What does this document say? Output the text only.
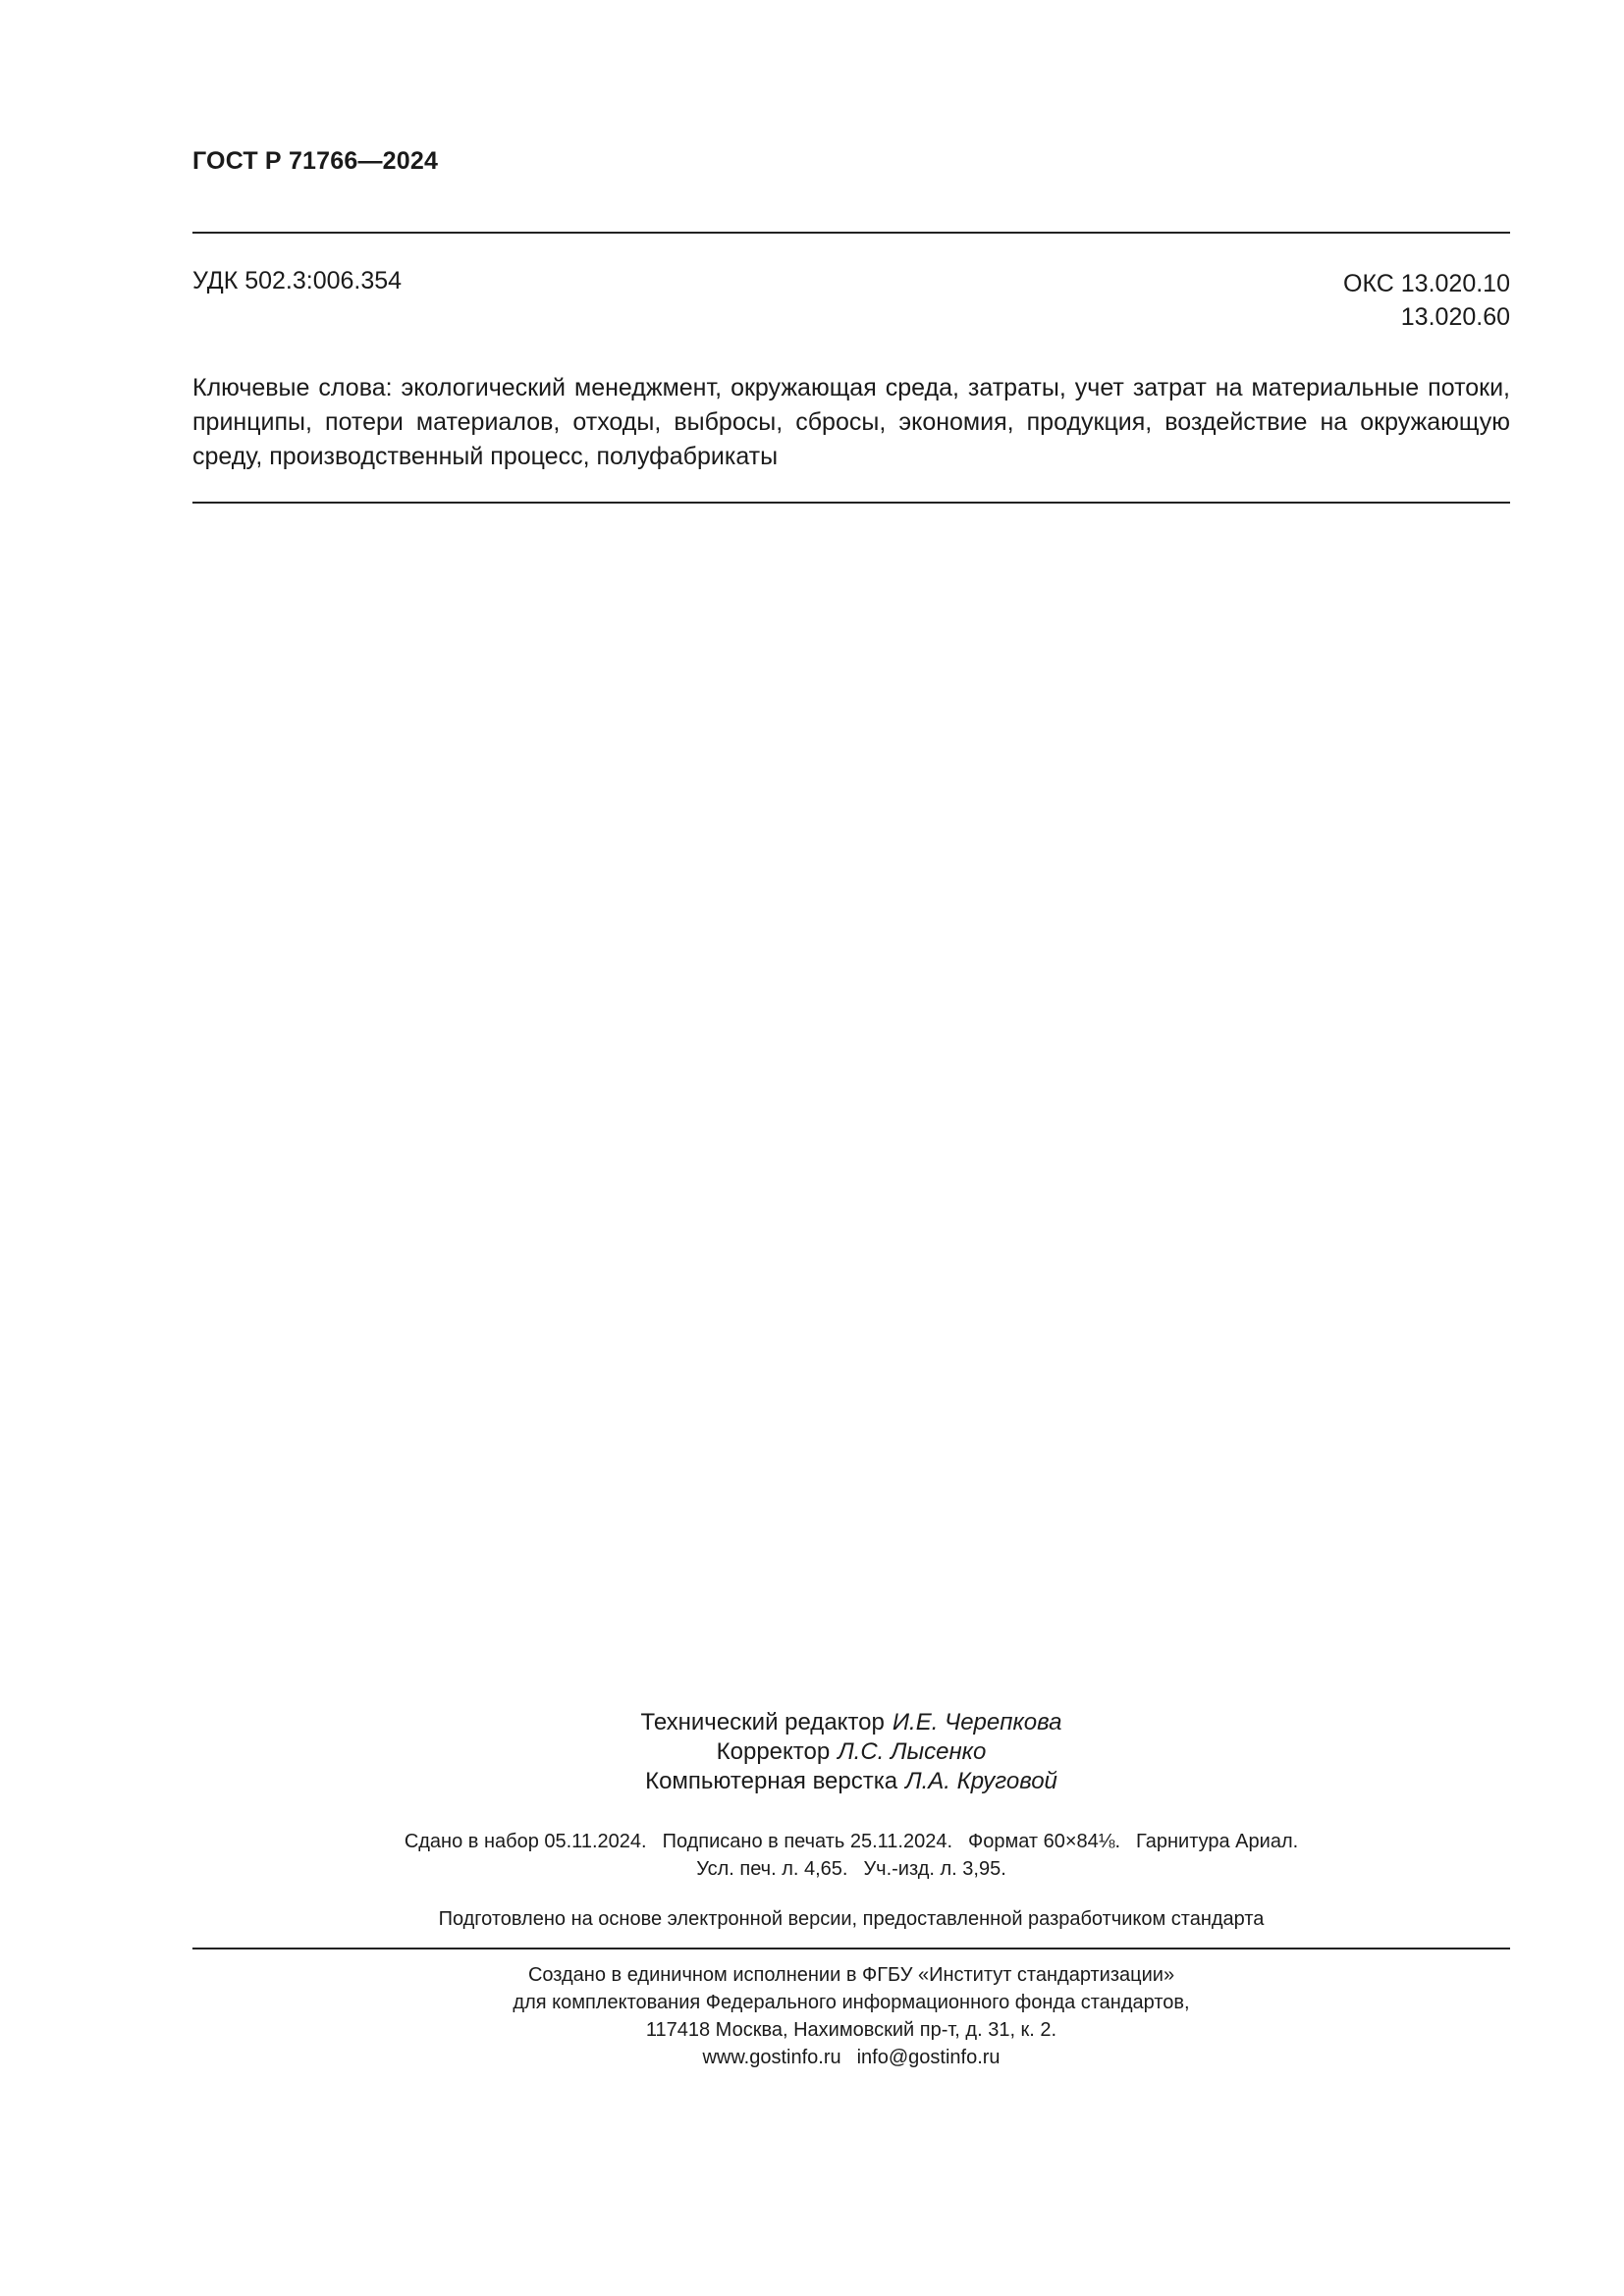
ГОСТ Р 71766—2024
УДК 502.3:006.354	ОКС 13.020.10
13.020.60
Ключевые слова: экологический менеджмент, окружающая среда, затраты, учет затрат на материальные потоки, принципы, потери материалов, отходы, выбросы, сбросы, экономия, продукция, воздействие на окружающую среду, производственный процесс, полуфабрикаты
Технический редактор И.Е. Черепкова
Корректор Л.С. Лысенко
Компьютерная верстка Л.А. Круговой
Сдано в набор 05.11.2024. Подписано в печать 25.11.2024. Формат 60×84⅛. Гарнитура Ариал.
Усл. печ. л. 4,65. Уч.-изд. л. 3,95.
Подготовлено на основе электронной версии, предоставленной разработчиком стандарта
Создано в единичном исполнении в ФГБУ «Институт стандартизации»
для комплектования Федерального информационного фонда стандартов,
117418 Москва, Нахимовский пр-т, д. 31, к. 2.
www.gostinfo.ru info@gostinfo.ru
